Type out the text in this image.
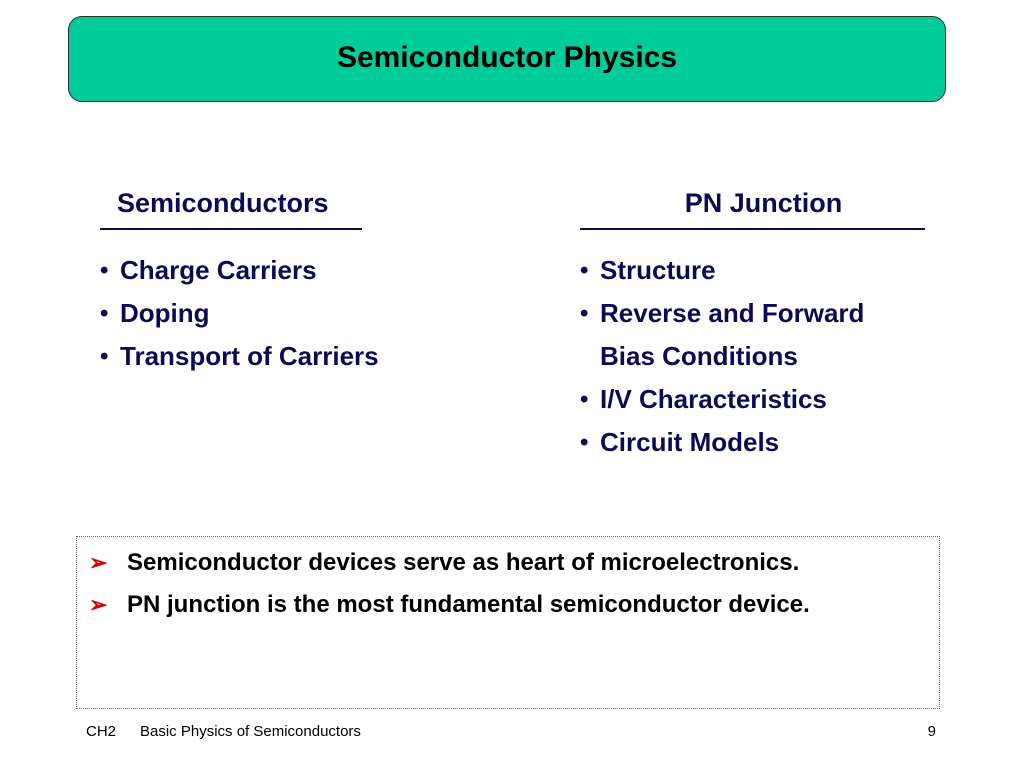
Semiconductor Physics
Semiconductors
• Charge Carriers
• Doping
• Transport of Carriers
PN Junction
• Structure
• Reverse and Forward
Bias Conditions
• I/V Characteristics
• Circuit Models
➢ Semiconductor devices serve as heart of microelectronics.
➢ PN junction is the most fundamental semiconductor device.
CH2 Basic Physics of Semiconductors	9
